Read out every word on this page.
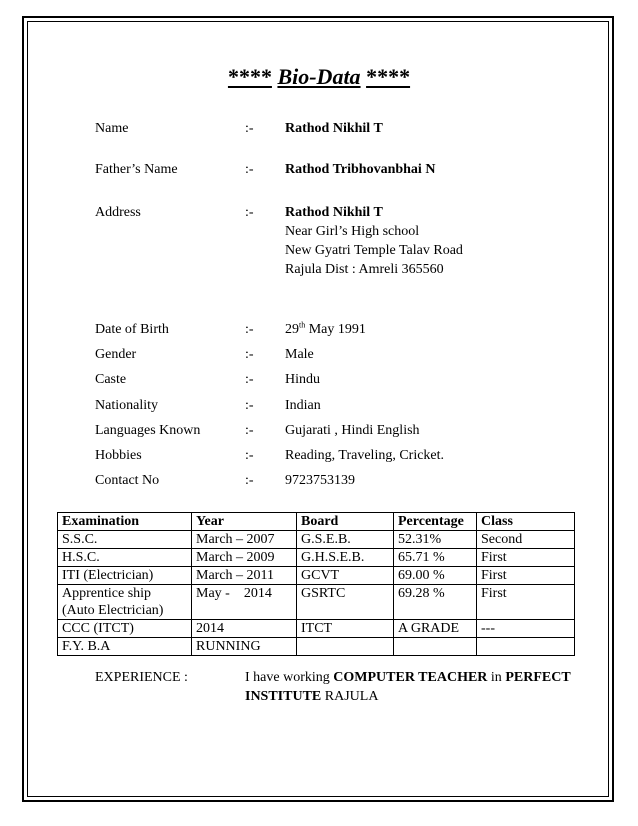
**** Bio-Data ****
Name	:- Rathod Nikhil T
Father’s Name	:- Rathod Tribhovanbhai N
Address	:- Rathod Nikhil T
Near Girl’s High school
New Gyatri Temple Talav Road
Rajula Dist : Amreli 365560
Date of Birth	:- 29th May 1991
Gender	:- Male
Caste	:- Hindu
Nationality	:- Indian
Languages Known	:- Gujarati , Hindi English
Hobbies	:- Reading, Traveling, Cricket.
Contact No	:- 9723753139
Examination	Year	Board	Percentage	Class
S.S.C.	March – 2007	G.S.E.B.	52.31%	Second
H.S.C.	March – 2009	G.H.S.E.B.	65.71 %	First
ITI (Electrician)	March – 2011	GCVT	69.00 %	First

Apprentice ship
(Auto Electrician)	May -    2014	GSRTC	69.28 %	First
CCC (ITCT)	2014	ITCT	A GRADE	---
F.Y. B.A	RUNNING			
EXPERIENCE :	I have working COMPUTER TEACHER in PERFECT INSTITUTE RAJULA
